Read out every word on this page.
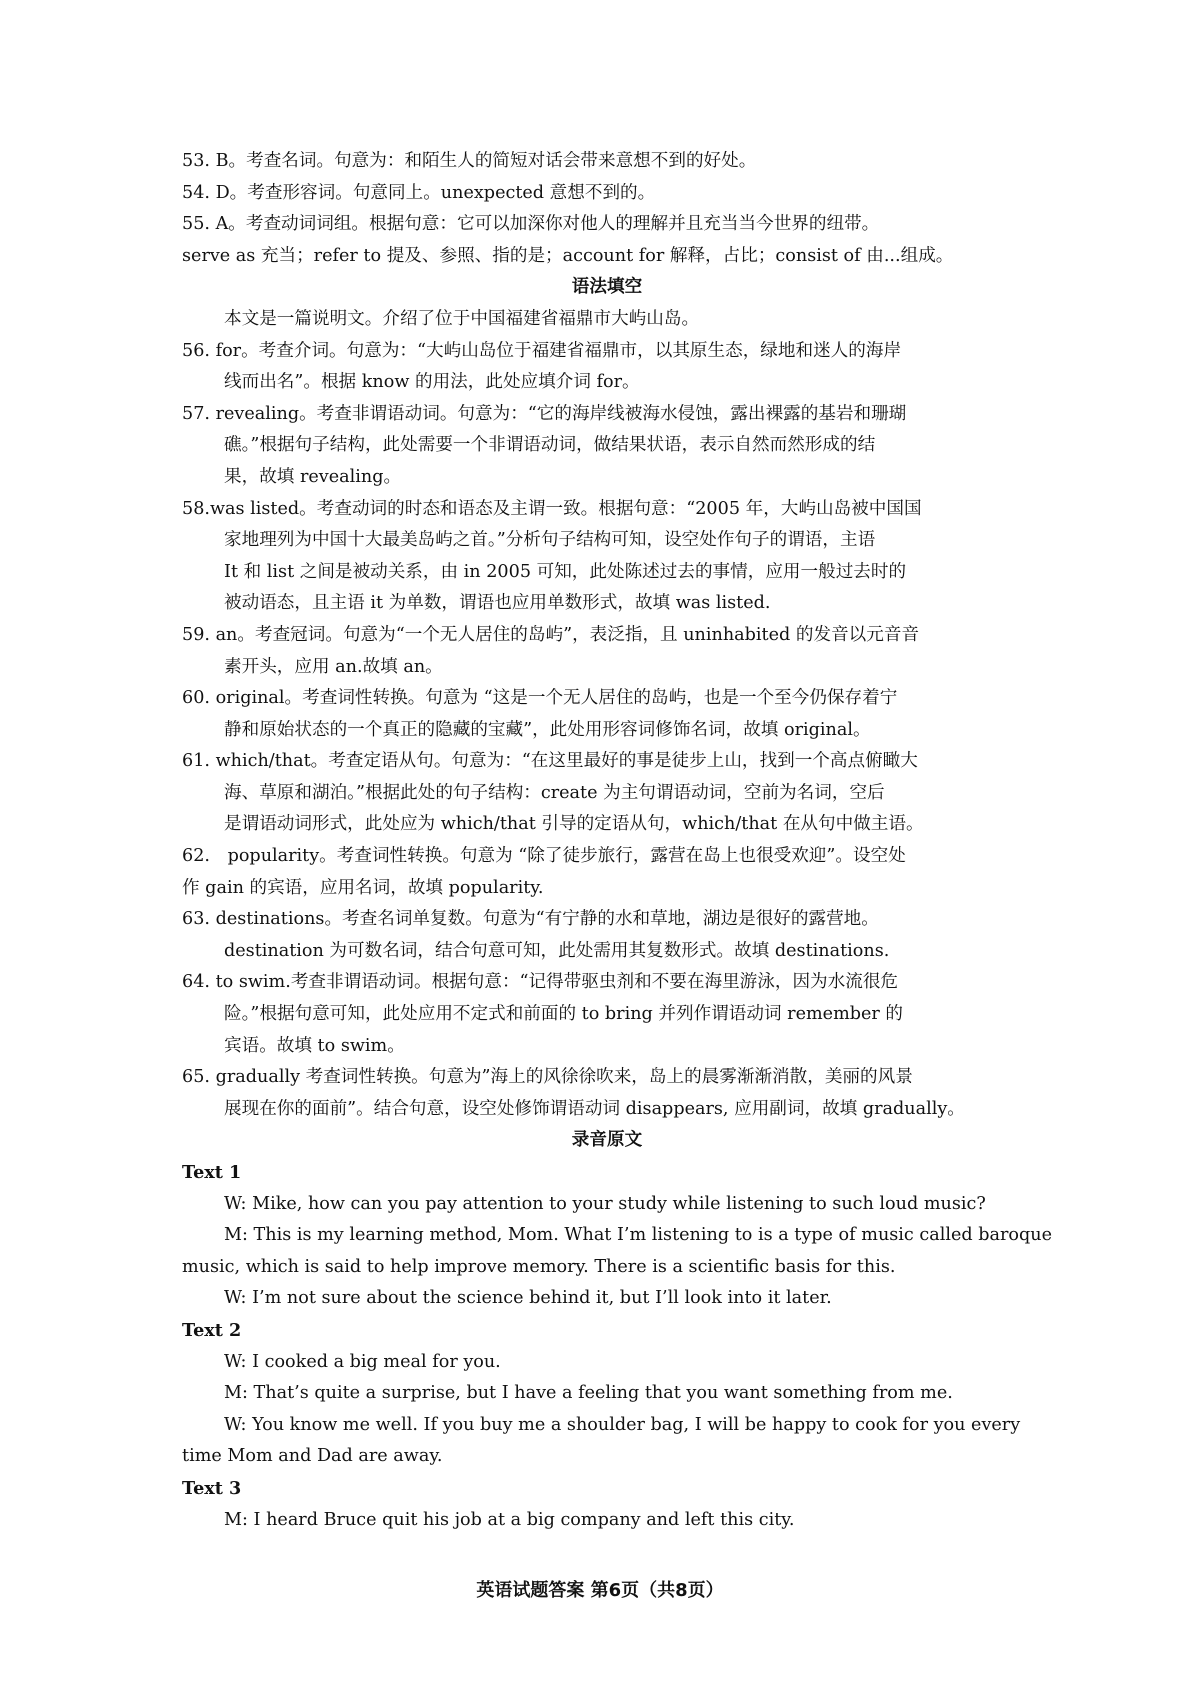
53. B。考查名词。句意为：和陌生人的简短对话会带来意想不到的好处。
54. D。考查形容词。句意同上。unexpected 意想不到的。
55. A。考查动词词组。根据句意：它可以加深你对他人的理解并且充当当今世界的纽带。
serve as 充当；refer to 提及、参照、指的是；account for 解释，占比；consist of 由...组成。
语法填空
本文是一篇说明文。介绍了位于中国福建省福鼎市大屿山岛。
56. for。考查介词。句意为：“大屿山岛位于福建省福鼎市，以其原生态，绿地和迷人的海岸
线而出名”。根据 know 的用法，此处应填介词 for。
57. revealing。考查非谓语动词。句意为：“它的海岸线被海水侵蚀，露出裸露的基岩和珊瑚
礁。”根据句子结构，此处需要一个非谓语动词，做结果状语，表示自然而然形成的结
果，故填 revealing。
58.was listed。考查动词的时态和语态及主谓一致。根据句意：“2005 年，大屿山岛被中国国
家地理列为中国十大最美岛屿之首。”分析句子结构可知，设空处作句子的谓语，主语
It 和 list 之间是被动关系，由 in 2005 可知，此处陈述过去的事情，应用一般过去时的
被动语态，且主语 it 为单数，谓语也应用单数形式，故填 was listed.
59. an。考查冠词。句意为“一个无人居住的岛屿”，表泛指，且 uninhabited 的发音以元音音
素开头，应用 an.故填 an。
60. original。考查词性转换。句意为 “这是一个无人居住的岛屿，也是一个至今仍保存着宁
静和原始状态的一个真正的隐藏的宝藏”，此处用形容词修饰名词，故填 original。
61. which/that。考查定语从句。句意为：“在这里最好的事是徒步上山，找到一个高点俯瞰大
海、草原和湖泊。”根据此处的句子结构：create 为主句谓语动词，空前为名词，空后
是谓语动词形式，此处应为 which/that 引导的定语从句，which/that 在从句中做主语。
62.　popularity。考查词性转换。句意为 “除了徒步旅行，露营在岛上也很受欢迎”。设空处
作 gain 的宾语，应用名词，故填 popularity.
63. destinations。考查名词单复数。句意为“有宁静的水和草地，湖边是很好的露营地。
destination 为可数名词，结合句意可知，此处需用其复数形式。故填 destinations.
64. to swim.考查非谓语动词。根据句意：“记得带驱虫剂和不要在海里游泳，因为水流很危
险。”根据句意可知，此处应用不定式和前面的 to bring 并列作谓语动词 remember 的
宾语。故填 to swim。
65. gradually 考查词性转换。句意为”海上的风徐徐吹来，岛上的晨雾渐渐消散，美丽的风景
展现在你的面前”。结合句意，设空处修饰谓语动词 disappears, 应用副词，故填 gradually。
录音原文
Text 1
W: Mike, how can you pay attention to your study while listening to such loud music?
M: This is my learning method, Mom. What I’m listening to is a type of music called baroque
music, which is said to help improve memory. There is a scientific basis for this.
W: I’m not sure about the science behind it, but I’ll look into it later.
Text 2
W: I cooked a big meal for you.
M: That’s quite a surprise, but I have a feeling that you want something from me.
W: You know me well. If you buy me a shoulder bag, I will be happy to cook for you every
time Mom and Dad are away.
Text 3
M: I heard Bruce quit his job at a big company and left this city.
英语试题答案 第6页（共8页）
